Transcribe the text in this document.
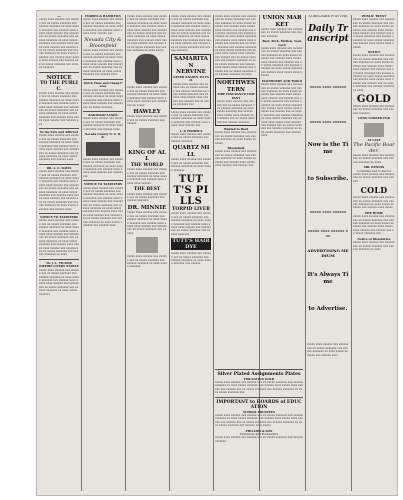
—
xxxxx xxxx xxxxxx xxx xxxxxx xxx xx xxxxx xxxxxxx xxx xxxxxx xxxxxxx xx xxxx xxxxx xxxxxxx xxx xxxxxx xxxx xxxxx xxxx xxxxxx xxx xxxxxx xxx xx xxxxx xxxxxxx xxx xxxxxx xxxxxxx xx xxxx xxxxx xxxxxxx xxx xxxxxx xxxx xxxxx xxxx xxxxxx xxx xxxxxx xxx xx xxxxx xxxxxxx xxx xxxxxx xxxxxxx xx xxxx xxxxx xxxxxxx xxx xxxxxx xxxx xxxxx xxxx xxxxxx xxx xxxxxx xxx xx xxxxx xxxxxxx xxx xxxxxx xxxxxxx
NOTICE
TO THE PUBLIC.
xxxxx xxxx xxxxxx xxx xxxxxx xxx xx xxxxx xxxxxxx xxx xxxxxx xxxxxxx xx xxxx xxxxx xxxxxxx xxx xxxxxx xxxx xxxxx xxxx xxxxxx xxx xxxxxx xxx xx xxxxx xxxxxxx xxx xxxxxx xxxxxxx xx xxxx xxxxx xxxxxxx xxx xxxxxx xxxx xxxxx xxxx xxxxxx xxx xxxxxx xxx
To the Sick and Afflicted
xxxxx xxxx xxxxxx xxx xxxxxx xxx xx xxxxx xxxxxxx xxx xxxxxx xxxxxxx xx xxxx xxxxx xxxxxxx xxx xxxxxx xxxx xxxxx xxxx xxxxxx xxx xxxxxx xxx xx xxxxx xxxxxxx xxx xxxxxx xxxxxxx xx xxxx xxxxx xxxxxxx xxx xxxxxx xxxx
DR. A. C. DAVIS
xxxxx xxxx xxxxxx xxx xxxxxx xxx xx xxxxx xxxxxxx xxx xxxxxx xxxxxxx xx xxxx xxxxx xxxxxxx xxx xxxxxx xxxx xxxxx xxxx xxxxxx xxx xxxxxx xxx xx xxxxx xxxxxxx xxx xxxxxx xxxxxxx xx xxxx xxxxx xxxxxxx xxx xxxxxx xxxx xxxxx xxxx xxxxxx xxx xxxxxx xxx xx xxxxx xxxxxxx xxx xxxxxx xxxxxxx xx xxxx xxxxx xxxxxxx xxx xxxxxx xxxx
NOTICE TO TAXPAYERS
xxxxx xxxx xxxxxx xxx xxxxxx xxx xx xxxxx xxxxxxx xxx xxxxxx xxxxxxx xx xxxx xxxxx xxxxxxx xxx xxxxxx xxxx xxxxx xxxx xxxxxx xxx xxxxxx xxx xx xxxxx xxxxxxx xxx xxxxxx xxxxxxx xx xxxx xxxxx xxxxxxx xxx xxxxxx xxxx xxxxx xxxx xxxxxx xxx xxxxxx xxx xx xxxxx xxxxxxx xxx xxxxxx xxxxxxx xx xxxx
Dr. J. L. TIGNER
EMPIRE LIVERY STABLE
xxxxx xxxx xxxxxx xxx xxxxxx xxx xx xxxxx xxxxxxx xxx xxxxxx xxxxxxx xx xxxx xxxxx xxxxxxx xxx xxxxxx xxxx xxxxx xxxx xxxxxx xxx xxxxxx xxx xx xxxxx xxxxxxx xxx xxxxxx xxxxxxx xx xxxx xxxxx xxxxxxx
FORBES & HAMILTON
xxxxx xxxx xxxxxx xxx xxxxxx xxx xx xxxxx xxxxxxx xxx xxxxxx xxxxxxx xx xxxx xxxxx xxxxxxx xxx xxxxxx xxxx xxxxx xxxx xxxxxx xxx
Nevada City & Bloomfield
xxxxx xxxx xxxxxx xxx xxxxxx xxx xx xxxxx xxxxxxx xxx xxxxxx xxxxxxx xx xxxx xxxxx xxxxxxx xxx xxxxxx xxxx xxxxx xxxx xxxxxx xxx xxxxxx xxx xx xxxxx xxxxxxx xxx xxxxxx xxxxxxx xx xxxx xxxxx xxxxxxx xxx xxxxxx xxxx
Quick Time and Cheap Fares
xxxxx xxxx xxxxxx xxx xxxxxx xxx xx xxxxx xxxxxxx xxx xxxxxx xxxxxxx xx xxxx xxxxx xxxxxxx xxx xxxxxx xxxx xxxxx xxxx xxxxxx xxx xxxxxx xxx xx xxxxx xxxxxxx
RAILROAD LANDS
xxxxx xxxx xxxxxx xxx xxxxxx xxx xx xxxxx xxxxxxx xxx xxxxxx xxxxxxx xx xxxx xxxxx xxxxxxx xxx xxxxxx xxxx
Nevada County N. G. R. R.
xxxxx xxxx xxxxxx xxx xxxxxx xxx xx xxxxx xxxxxxx xxx xxxxxx xxxxxxx xx xxxx xxxxx xxxxxxx xxx xxxxxx xxxx xxxxx xxxx xxxxxx xxx xxxxxx xxx
NOTICE TO TAXPAYERS
xxxxx xxxx xxxxxx xxx xxxxxx xxx xx xxxxx xxxxxxx xxx xxxxxx xxxxxxx xx xxxx xxxxx xxxxxxx xxx xxxxxx xxxx xxxxx xxxx xxxxxx xxx xxxxxx xxx xx xxxxx xxxxxxx xxx xxxxxx xxxxxxx xx xxxx xxxxx xxxxxxx xxx xxxxxx xxxx xxxxx xxxx xxxxxx xxx xxxxxx xxx xx xxxxx xxxxxxx xxx xxxxxx xxxxxxx xx xxxx xxxxx xxxxxxx xxx xxxxxx xxxx
xxxxx xxxx xxxxxx xxx xxxxxx xxx xx xxxxx xxxxxxx xxx xxxxxx xxxxxxx xx xxxx xxxxx xxxxxxx xxx xxxxxx xxxx xxxxx xxxx xxxxxx xxx xxxxxx xxx xx xxxxx xxxxxxx xxx xxxxxx xxxxxxx xx xxxx xxxxx xxxxxxx xxx xxxxxx xxxx xxxxx xxxx xxxxxx xxx xxxxxx xxx xx xxxxx xxxxxxx xxx xxxxxx xxxxxxx xx xxxx xxxxx
xxxxx xxxx xxxxxx xxx xxxxxx xxx xx xxxxx xxxxxxx xxx xxxxxx xxxxxxx xx xxxx xxxxx xxxxxxx xxx xxxxxx xxxx xxxxx xxxx xxxxxx xxx xxxxxx xxx xx xxxxx
HAWLEY
xxxxx xxxx xxxxxx xxx xxxxxx xxx xx xxxxx xxxxxxx xxx xxxxxx
KING OF ALL
THE WORLD
xxxxx xxxx xxxxxx xxx xxxxxx xxx xx xxxxx xxxxxxx xxx xxxxxx xxxxxxx xx xxxx xxxxx xxxxxxx xxx xxxxxx xxxx xxxxx xxxx xxxxxx
THE BEST
xxxxx xxxx xxxxxx xxx xxxxxx xxx xx xxxxx xxxxxxx xxx xxxxxx xxxxxxx
DR. MINNIE
xxxxx xxxx xxxxxx xxx xxxxxx xxx xx xxxxx xxxxxxx xxx xxxxxx xxxxxxx xx xxxx xxxxx xxxxxxx xxx xxxxxx xxxx xxxxx xxxx xxxxxx xxx xxxxxx xxx xx xxxxx xxxxxxx xxx xxxxxx
xxxxx xxxx xxxxxx xxx xxxxxx xxx xx xxxxx xxxxxxx xxx xxxxxx xxxxxxx xx xxxx xxxxx xxxxxxx
xxxxx xxxx xxxxxx xxx xxxxxx xxx xx xxxxx xxxxxxx xxx xxxxxx xxxxxxx xx xxxx xxxxx xxxxxxx xxx xxxxxx xxxx xxxxx xxxx xxxxxx xxx xxxxxx xxx xx xxxxx xxxxxxx xxx xxxxxx xxxxxxx xx xxxx xxxxx xxxxxxx xxx xxxxxx xxxx xxxxx xxxx xxxxxx xxx xxxxxx xxx xx xxxxx xxxxxxx xxx xxxxxx xxxxxxx
SAMARITAN
NERVINE
NEVER KNOWN TO FAIL
xxxxx xxxx xxxxxx xxx xxxxxx xxx xx xxxxx xxxxxxx xxx xxxxxx xxxxxxx xx xxxx xxxxx xxxxxxx xxx xxxxxx xxxx xxxxx xxxx xxxxxx xxx xxxxxx xxx xx xxxxx xxxxxxx xxx
xxxxx xxxx xxxxxx xxx xxxxxx xxx xx xxxxx xxxxxxx xxx xxxxxx xxxxxxx xx xxxx xxxxx xxxxxxx xxx xxxxxx xxxx xxxxx xxxx xxxxxx xxx
L. P. FISHER'S
xxxxx xxxx xxxxxx xxx xxxxxx xxx xx xxxxx xxxxxxx xxx xxxxxx xxxxxxx
QUARTZ MILL
xxxxx xxxx xxxxxx xxx xxxxxx xxx xx xxxxx xxxxxxx xxx xxxxxx xxxxxxx xx xxxx xxxxx xxxxxxx
TUTT'S PILLS
TORPID LIVER
xxxxx xxxx xxxxxx xxx xxxxxx xxx xx xxxxx xxxxxxx xxx xxxxxx xxxxxxx xx xxxx xxxxx xxxxxxx xxx xxxxxx xxxx xxxxx xxxx xxxxxx xxx xxxxxx xxx xx xxxxx xxxxxxx xxx xxxxxx xxxxxxx
TUTT'S HAIR DYE
xxxxx xxxx xxxxxx xxx xxxxxx xxx xx xxxxx xxxxxxx xxx xxxxxx xxxxxxx xx xxxx xxxxx xxxxxxx xxx xxxxxx
xxxxx xxxx xxxxxx xxx xxxxxx xxx xx xxxxx xxxxxxx xxx xxxxxx xxxxxxx xx xxxx xxxxx xxxxxxx xxx xxxxxx xxxx xxxxx xxxx xxxxxx xxx xxxxxx xxx xx xxxxx xxxxxxx xxx xxxxxx xxxxxxx xx xxxx xxxxx xxxxxxx xxx xxxxxx xxxx xxxxx xxxx xxxxxx xxx xxxxxx xxx xx xxxxx xxxxxxx xxx xxxxxx xxxxxxx xx xxxx xxxxx xxxxxxx xxx xxxxxx xxxx xxxxx xxxx xxxxxx xxx xxxxxx xxx xx xxxxx xxxxxxx xxx xxxxxx xxxxxxx xx xxxx xxxxx xxxxxxx xxx xxxxxx xxxx xxxxx xxxx xxxxxx xxx xxxxxx xxx xx xxxxx xxxxxxx xxx xxxxxx xxxxxxx xx xxxx
NORTHWESTERN
FIRE INSURANCE COMPANY
xxxxx xxxx xxxxxx xxx xxxxxx xxx xx xxxxx xxxxxxx xxx xxxxxx xxxxxxx xx xxxx xxxxx xxxxxxx xxx xxxxxx xxxx xxxxx xxxx xxxxxx xxx xxxxxx xxx xx xxxxx xxxxxxx xxx xxxxxx xxxxxxx
Wanted to Rent
xxxxx xxxx xxxxxx xxx xxxxxx xxx xx xxxxx xxxxxxx xxx xxxxxx xxxxxxx xx xxxx xxxxx xxxxxxx
Bloomfield
xxxxx xxxx xxxxxx xxx xxxxxx xxx xx xxxxx xxxxxxx xxx xxxxxx xxxxxxx xx xxxx xxxxx xxxxxxx xxx xxxxxx xxxx xxxxx xxxx xxxxxx xxx xxxxxx xxx
UNION MARKET
xxxxx xxxx xxxxxx xxx xxxxxx xxx xx xxxxx xxxxxxx xxx xxxxxx xxxxxxx
Beef, Pork, Mutton, Veal, Lard
xxxxx xxxx xxxxxx xxx xxxxxx xxx xx xxxxx xxxxxxx xxx xxxxxx xxxxxxx xx xxxx xxxxx xxxxxxx xxx xxxxxx xxxx xxxxx xxxx xxxxxx xxx xxxxxx xxx xx xxxxx xxxxxxx xxx xxxxxx xxxxxxx xx xxxx xxxxx xxxxxxx xxx xxxxxx xxxx xxxxx xxxx xxxxxx
MACHINERY AND TOOLS
xxxxx xxxx xxxxxx xxx xxxxxx xxx xx xxxxx xxxxxxx xxx xxxxxx xxxxxxx xx xxxx xxxxx xxxxxxx xxx xxxxxx xxxx xxxxx xxxx xxxxxx xxx xxxxxx xxx xx xxxxx xxxxxxx xxx xxxxxx xxxxxxx xx xxxx xxxxx xxxxxxx xxx xxxxxx xxxx xxxxx xxxx xxxxxx xxx xxxxxx xxx xx xxxxx xxxxxxx xxx xxxxxx xxxxxxx xx xxxx xxxxx xxxxxxx xxx xxxxxx xxxx xxxxx xxxx xxxxxx xxx xxxxxx xxx xx xxxxx xxxxxxx xxx xxxxxx xxxxxxx xx xxxx xxxxx xxxxxxx xxx xxxxxx xxxx
Silver Plated Assignments Plates
FOR SAVING GOLD
xxxxx xxxx xxxxxx xxx xxxxxx xxx xx xxxxx xxxxxxx xxx xxxxxx xxxxxxx xx xxxx xxxxx xxxxxxx xxx xxxxxx xxxx xxxxx xxxx xxxxxx xxx xxxxxx xxx xx xxxxx xxxxxxx xxx xxxxxx xxxxxxx xx xxxx xxxxx xxxxxxx xxx
IMPORTANT to BOARDS of EDUCATION
SCHOOL TRUSTEES
xxxxx xxxx xxxxxx xxx xxxxxx xxx xx xxxxx xxxxxxx xxx xxxxxx xxxxxxx xx xxxx xxxxx xxxxxxx xxx xxxxxx xxxx xxxxx xxxx xxxxxx xxx xxxxxx xxx xx xxxxx xxxxxxx xxx xxxxxx xxxxxxx xx xxxx xxxxx xxxxxxx xxx xxxxxx xxxx xxxxx
PHILLIPS & SON
Publishers and Booksellers
xxxxx xxxx xxxxxx xxx xxxxxx xxx xx xxxxx xxxxxxx xxx xxxxxx xxxxxxx
SUBSCRIBE FOR THE
Daily Transcript
xxxxx xxxx xxxxxx
xxxxx xxxx xxxxxx
Now is the Time
to Subscribe.
xxxxx xxxx xxxxxx
xxxxx xxxx xxxxxx xxx
ADVERTISING MEDIUM
It's Always Time
to Advertise.
xxxxx xxxx xxxxxx xxx xxxxxx xxx xx xxxxx xxxxxxx xxx xxxxxx xxxxxxx xx xxxx xxxxx xxxxxxx xxx xxxxxx xxxx
PUBLIC TRUST
xxxxx xxxx xxxxxx xxx xxxxxx xxx xx xxxxx xxxxxxx xxx xxxxxx xxxxxxx xx xxxx xxxxx xxxxxxx xxx xxxxxx xxxx xxxxx xxxx xxxxxx xxx xxxxxx xxx xx xxxxx xxxxxxx xxx xxxxxx xxxxxxx xx xxxx xxxxx xxxxxxx xxx xxxxxx xxxx xxxxx xxxx xxxxxx
NOTICE
xxxxx xxxx xxxxxx xxx xxxxxx xxx xx xxxxx xxxxxxx xxx xxxxxx xxxxxxx xx xxxx xxxxx xxxxxxx xxx xxxxxx xxxx xxxxx xxxx xxxxxx xxx xxxxxx xxx xx xxxxx xxxxxxx xxx xxxxxx xxxxxxx xx xxxx xxxxx xxxxxxx xxx xxxxxx xxxx xxxxx xxxx xxxxxx xxx xxxxxx xxx xx xxxxx xxxxxxx xxx xxxxxx xxxxxxx xx xxxx
GOLD
xxxxx xxxx xxxxxx xxx xxxxxx xxx xx xxxxx xxxxxxx xxx xxxxxx xxxxxxx
LONG LOOKED FOR
AT LAST
The Pacific Boarder.
xxxxx xxxx xxxxxx xxx xxxxxx xxx xx xxxxx xxxxxxx xxx xxxxxx xxxxxxx xx xxxx
MR. DENNIS
Constable and Collector
xxxxx xxxx xxxxxx xxx xxxxxx xxx xx xxxxx xxxxxxx xxx xxxxxx
COLD
xxxxx xxxx xxxxxx xxx xxxxxx xxx xx xxxxx xxxxxxx xxx xxxxxx xxxxxxx xx xxxx xxxxx xxxxxxx xxx xxxxxx xxxx xxxxx
THE HOME
xxxxx xxxx xxxxxx xxx xxxxxx xxx xx xxxxx xxxxxxx xxx xxxxxx xxxxxxx xx xxxx xxxxx xxxxxxx xxx xxxxxx xxxx xxxxx xxxx xxxxxx xxx xxxxxx xxx xx xxxxx xxxxxxx xxx
Notice of Dissolution
xxxxx xxxx xxxxxx xxx xxxxxx xxx xx xxxxx xxxxxxx xxx xxxxxx xxxxxxx xx xxxx
